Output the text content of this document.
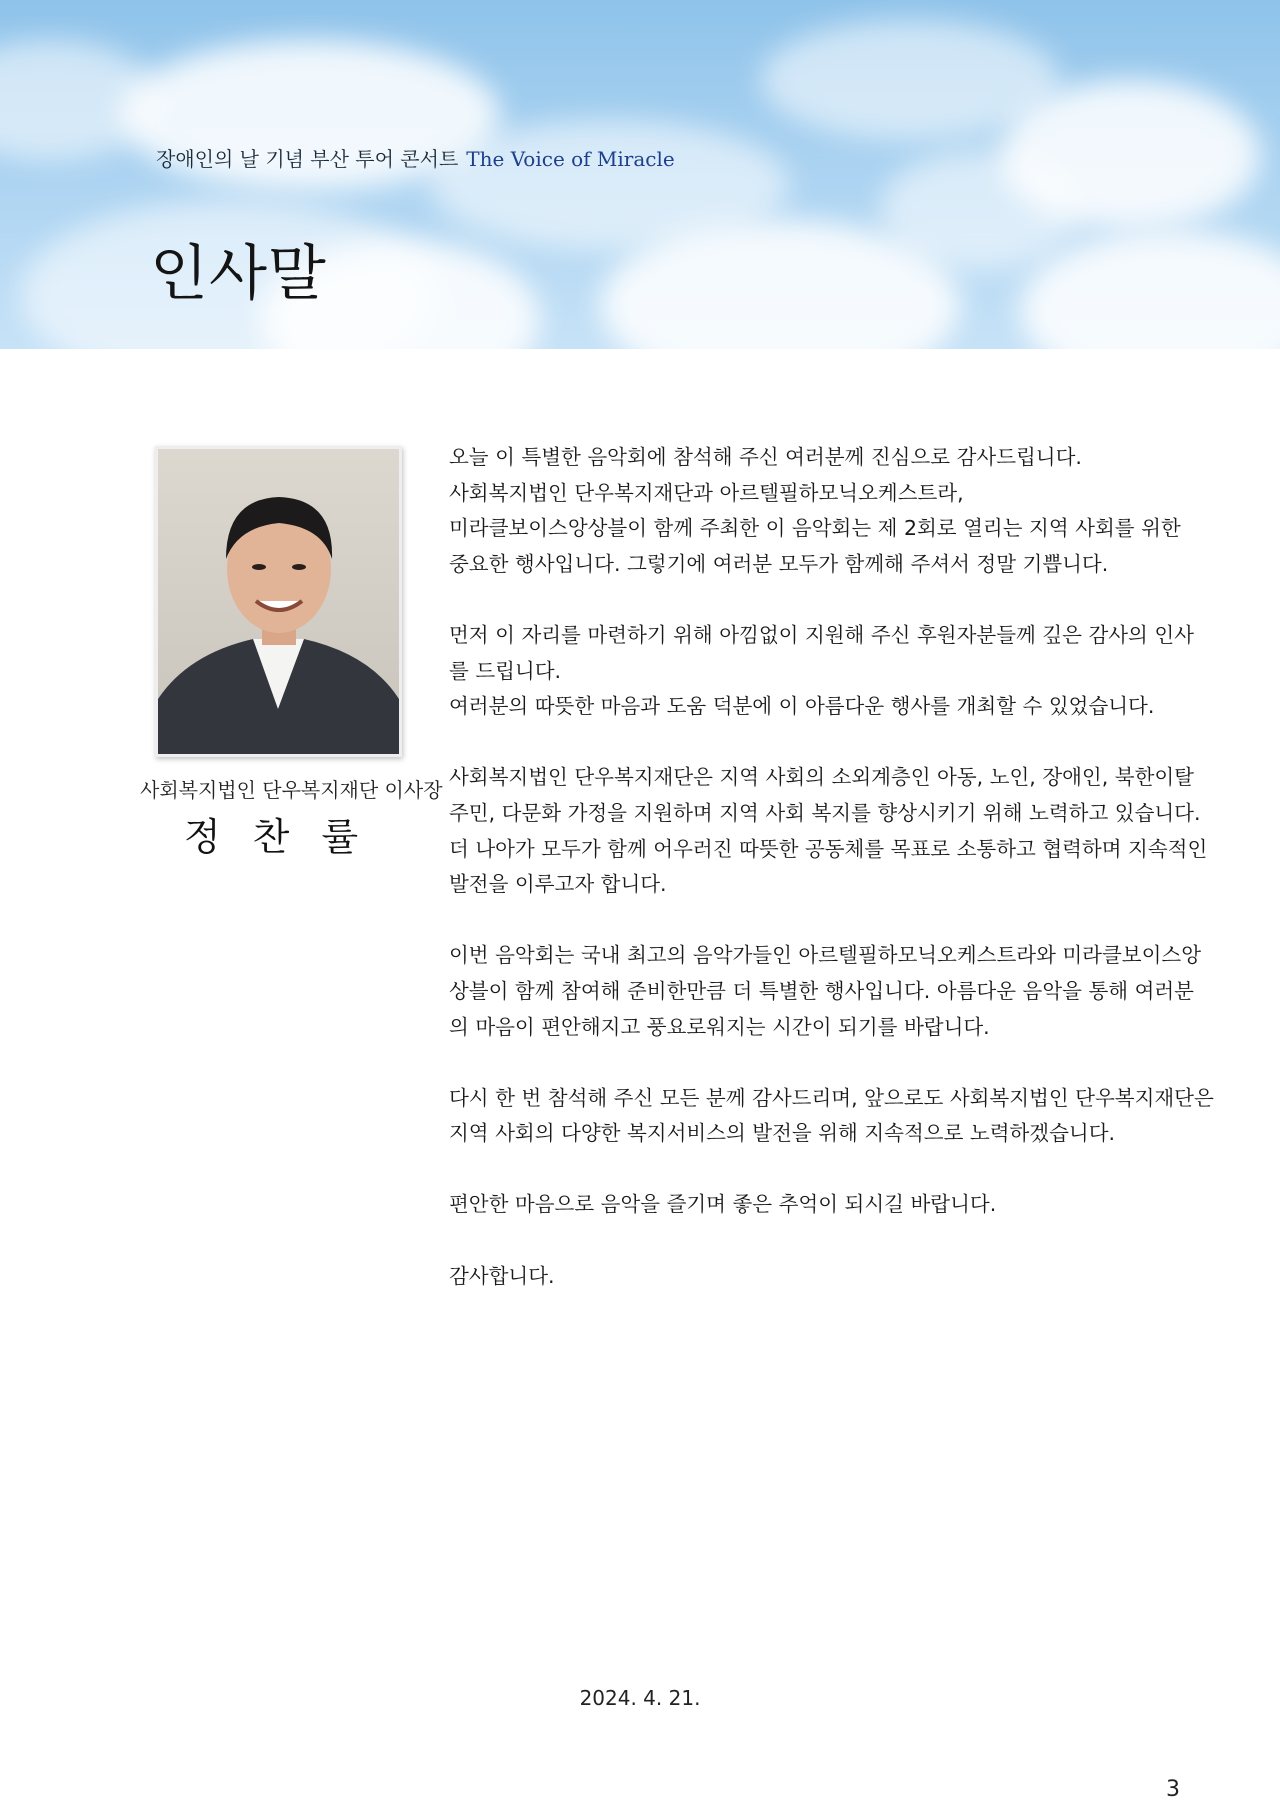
장애인의 날 기념 부산 투어 콘서트 The Voice of Miracle
인사말
사회복지법인 단우복지재단 이사장
정 찬 률
오늘 이 특별한 음악회에 참석해 주신 여러분께 진심으로 감사드립니다.
사회복지법인 단우복지재단과 아르텔필하모닉오케스트라,
미라클보이스앙상블이 함께 주최한 이 음악회는 제 2회로 열리는 지역 사회를 위한
중요한 행사입니다. 그렇기에 여러분 모두가 함께해 주셔서 정말 기쁩니다.
먼저 이 자리를 마련하기 위해 아낌없이 지원해 주신 후원자분들께 깊은 감사의 인사
를 드립니다.
여러분의 따뜻한 마음과 도움 덕분에 이 아름다운 행사를 개최할 수 있었습니다.
사회복지법인 단우복지재단은 지역 사회의 소외계층인 아동, 노인, 장애인, 북한이탈
주민, 다문화 가정을 지원하며 지역 사회 복지를 향상시키기 위해 노력하고 있습니다.
더 나아가 모두가 함께 어우러진 따뜻한 공동체를 목표로 소통하고 협력하며 지속적인
발전을 이루고자 합니다.
이번 음악회는 국내 최고의 음악가들인 아르텔필하모닉오케스트라와 미라클보이스앙
상블이 함께 참여해 준비한만큼 더 특별한 행사입니다. 아름다운 음악을 통해 여러분
의 마음이 편안해지고 풍요로워지는 시간이 되기를 바랍니다.
다시 한 번 참석해 주신 모든 분께 감사드리며, 앞으로도 사회복지법인 단우복지재단은
지역 사회의 다양한 복지서비스의 발전을 위해 지속적으로 노력하겠습니다.
편안한 마음으로 음악을 즐기며 좋은 추억이 되시길 바랍니다.
감사합니다.
2024. 4. 21.
3
